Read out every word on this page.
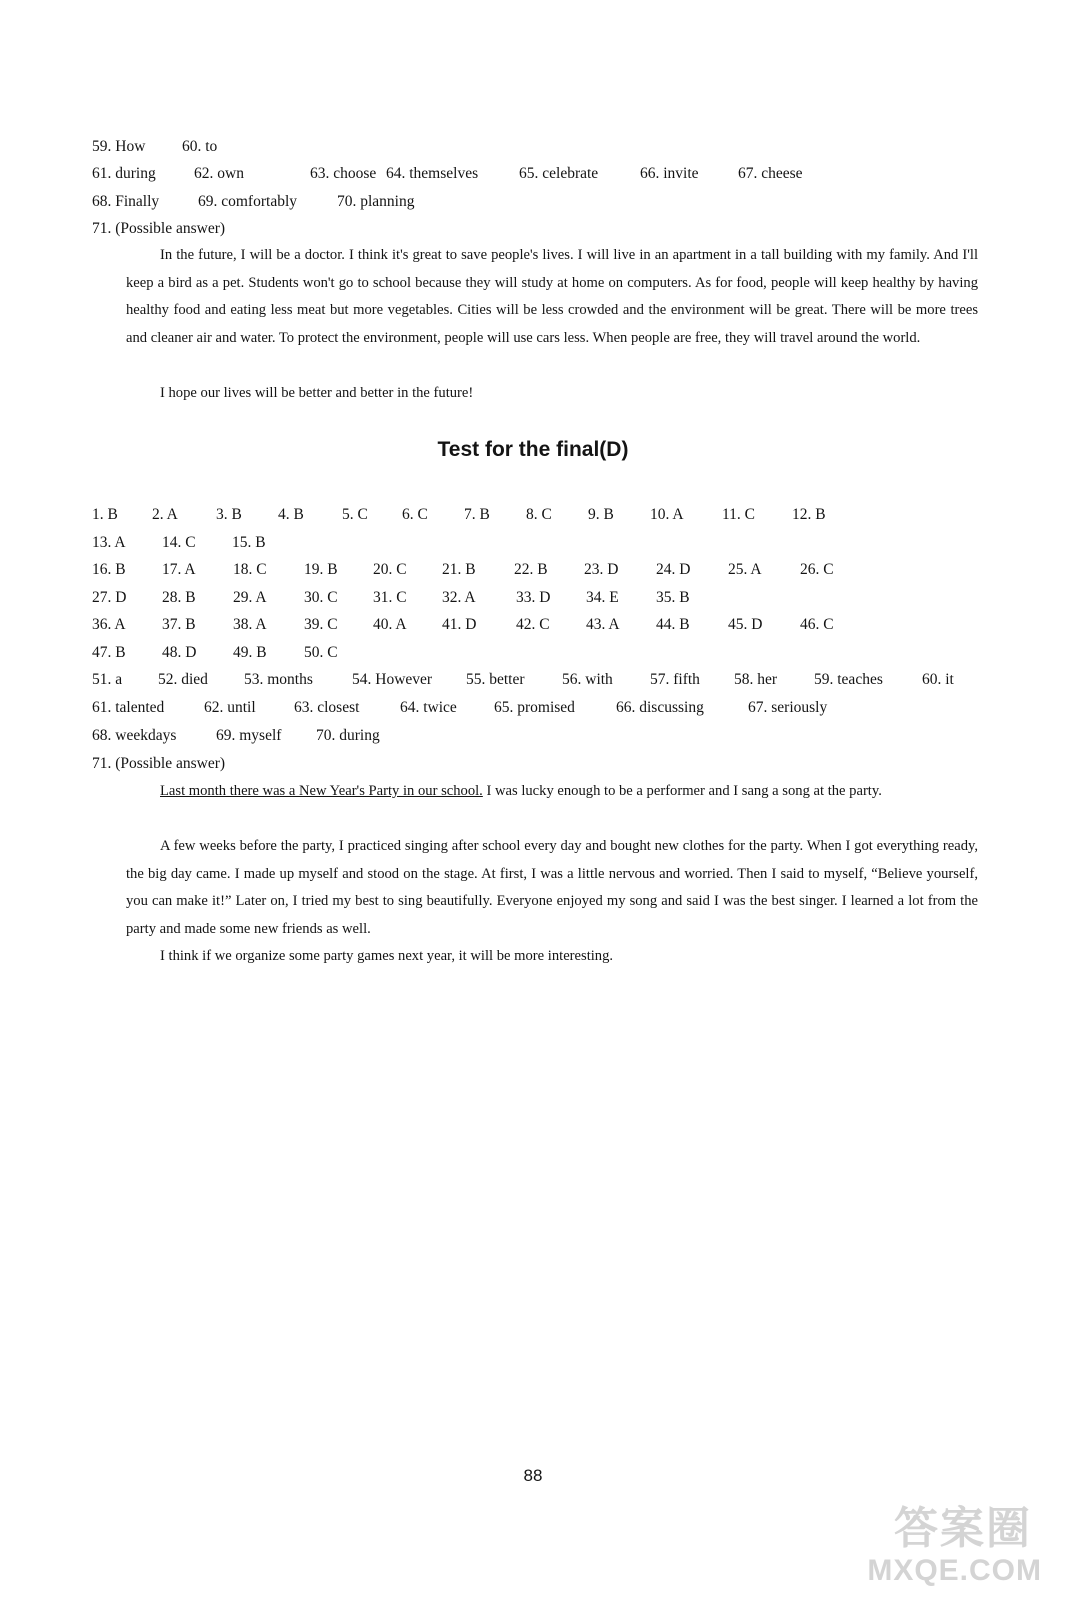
59. How 60. to
61. during 62. own	63. choose 64. themselves	65. celebrate	66. invite	67. cheese
68. Finally	69. comfortably	70. planning
71. (Possible answer)

In the future, I will be a doctor. I think it's great to save people's lives. I will live in an apartment in a tall building with my family. And I'll keep a bird as a pet. Students won't go to school because they will study at home on computers. As for food, people will keep healthy by having healthy food and eating less meat but more vegetables. Cities will be less crowded and the environment will be great. There will be more trees and cleaner air and water. To protect the environment, people will use cars less. When people are free, they will travel around the world.

I hope our lives will be better and better in the future!

Test for the final(D)
1. B 2. A 3. B 4. B 5. C 6. C 7. B 8. C 9. B 10. A 11. C 12. B
13. A 14. C 15. B
16. B 17. A 18. C 19. B 20. C 21. B 22. B 23. D 24. D 25. A 26. C
27. D 28. B 29. A 30. C 31. C 32. A	33. D 34. E 35. B
36. A 37. B 38. A 39. C 40. A 41. D	42. C 43. A 44. B 45. D 46. C
47. B 48. D 49. B 50. C
51. a 52. died 53. months	54. However 55. better 56. with 57. fifth 58. her 59. teaches	60. it
61. talented	62. until 63. closest	64. twice 65. promised	66. discussing	67. seriously
68. weekdays	69. myself 70. during
71. (Possible answer)

Last month there was a New Year's Party in our school. I was lucky enough to be a performer and I sang a song at the party.

A few weeks before the party, I practiced singing after school every day and bought new clothes for the party. When I got everything ready, the big day came. I made up myself and stood on the stage. At first, I was a little nervous and worried. Then I said to myself, “Believe yourself, you can make it!” Later on, I tried my best to sing beautifully. Everyone enjoyed my song and said I was the best singer. I learned a lot from the party and made some new friends as well.

I think if we organize some party games next year, it will be more interesting.

88
答案圈
MXQE.COM
